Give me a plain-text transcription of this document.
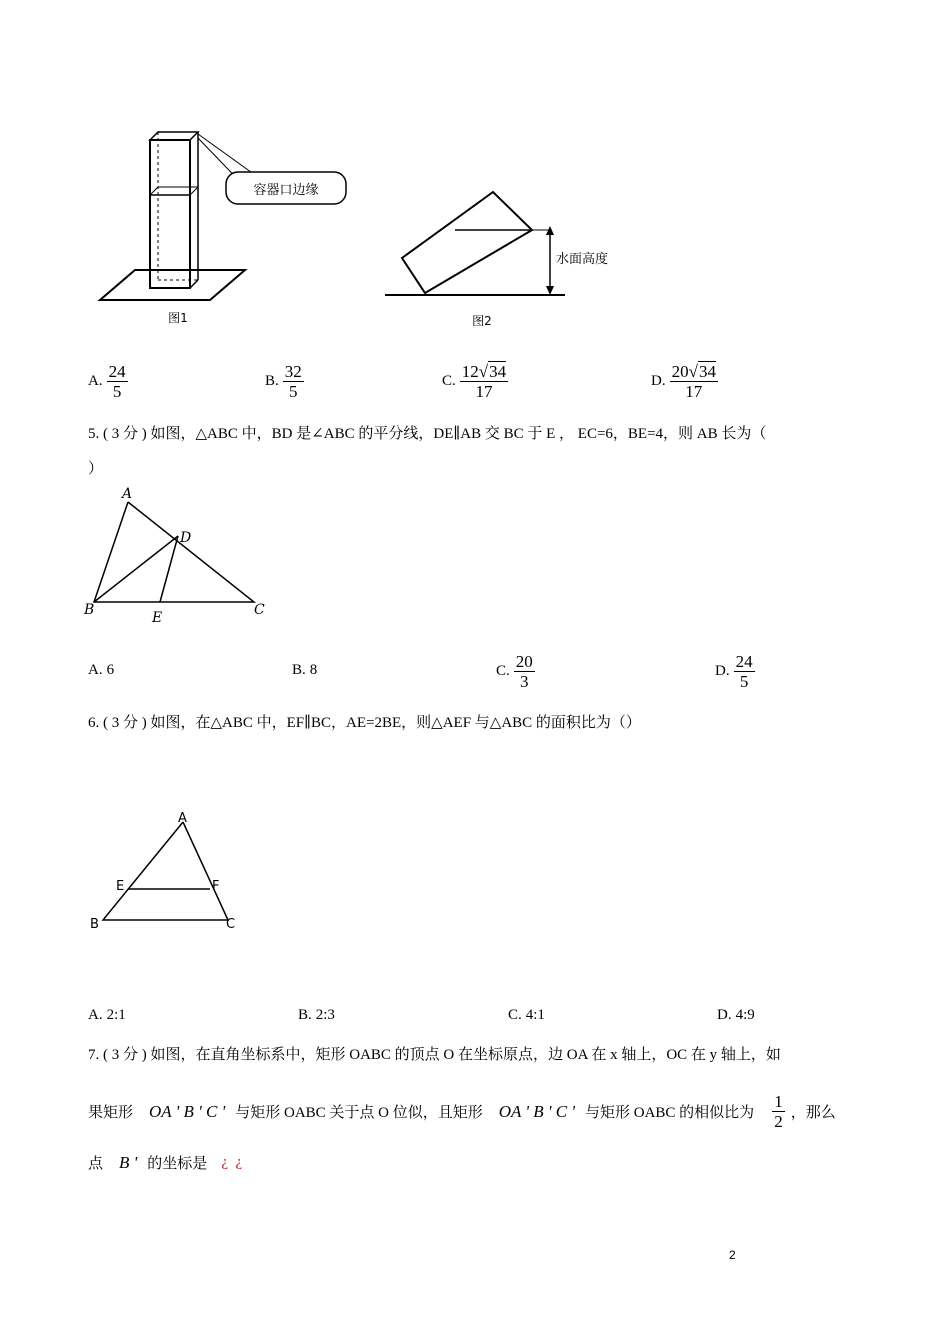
容器口边缘
图1
水面高度
图2
A. $\frac{24}{5}$	B. $\frac{32}{5}$	C. $\frac{12√34}{17}$	D. $\frac{20√34}{17}$
5. ( 3 分 ) 如图，△ABC 中，BD 是∠ABC 的平分线，DE∥AB 交 BC 于 E ， EC=6，BE=4，则 AB 长为（
）
A
B	C
D
E
A. 6	B. 8	C. $\frac{20}{3}$	D. $\frac{24}{5}$
6. ( 3 分 ) 如图，在△ABC 中，EF∥BC，AE=2BE，则△AEF 与△ABC 的面积比为（）
A
B	C
E	F
A. 2:1	B. 2:3	C. 4:1	D. 4:9
7. ( 3 分 ) 如图，在直角坐标系中，矩形 OABC 的顶点 O 在坐标原点，边 OA 在 x 轴上，OC 在 y 轴上，如
果矩形 OA ' B ' C ' 与矩形 OABC 关于点 O 位似，且矩形 OA ' B ' C ' 与矩形 OABC 的相似比为 $\frac{1}{2}$ ，那么
点 B ' 的坐标是 ¿  ¿
2
